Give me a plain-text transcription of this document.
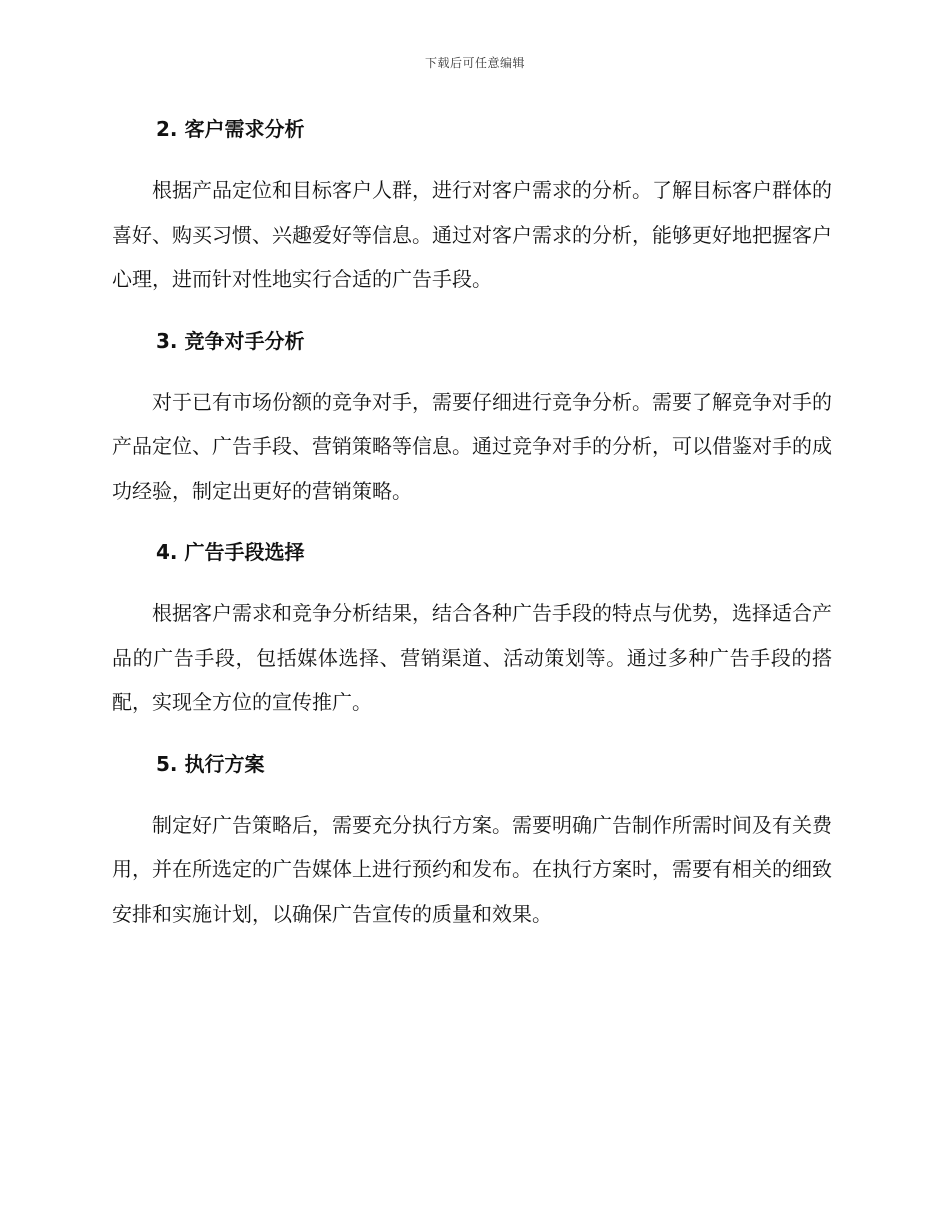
下载后可任意编辑
2. 客户需求分析

根据产品定位和目标客户人群，进行对客户需求的分析。了解目标客户群体的喜好、购买习惯、兴趣爱好等信息。通过对客户需求的分析，能够更好地把握客户心理，进而针对性地实行合适的广告手段。

3. 竞争对手分析

对于已有市场份额的竞争对手，需要仔细进行竞争分析。需要了解竞争对手的产品定位、广告手段、营销策略等信息。通过竞争对手的分析，可以借鉴对手的成功经验，制定出更好的营销策略。

4. 广告手段选择

根据客户需求和竞争分析结果，结合各种广告手段的特点与优势，选择适合产品的广告手段，包括媒体选择、营销渠道、活动策划等。通过多种广告手段的搭配，实现全方位的宣传推广。

5. 执行方案

制定好广告策略后，需要充分执行方案。需要明确广告制作所需时间及有关费用，并在所选定的广告媒体上进行预约和发布。在执行方案时，需要有相关的细致安排和实施计划，以确保广告宣传的质量和效果。
